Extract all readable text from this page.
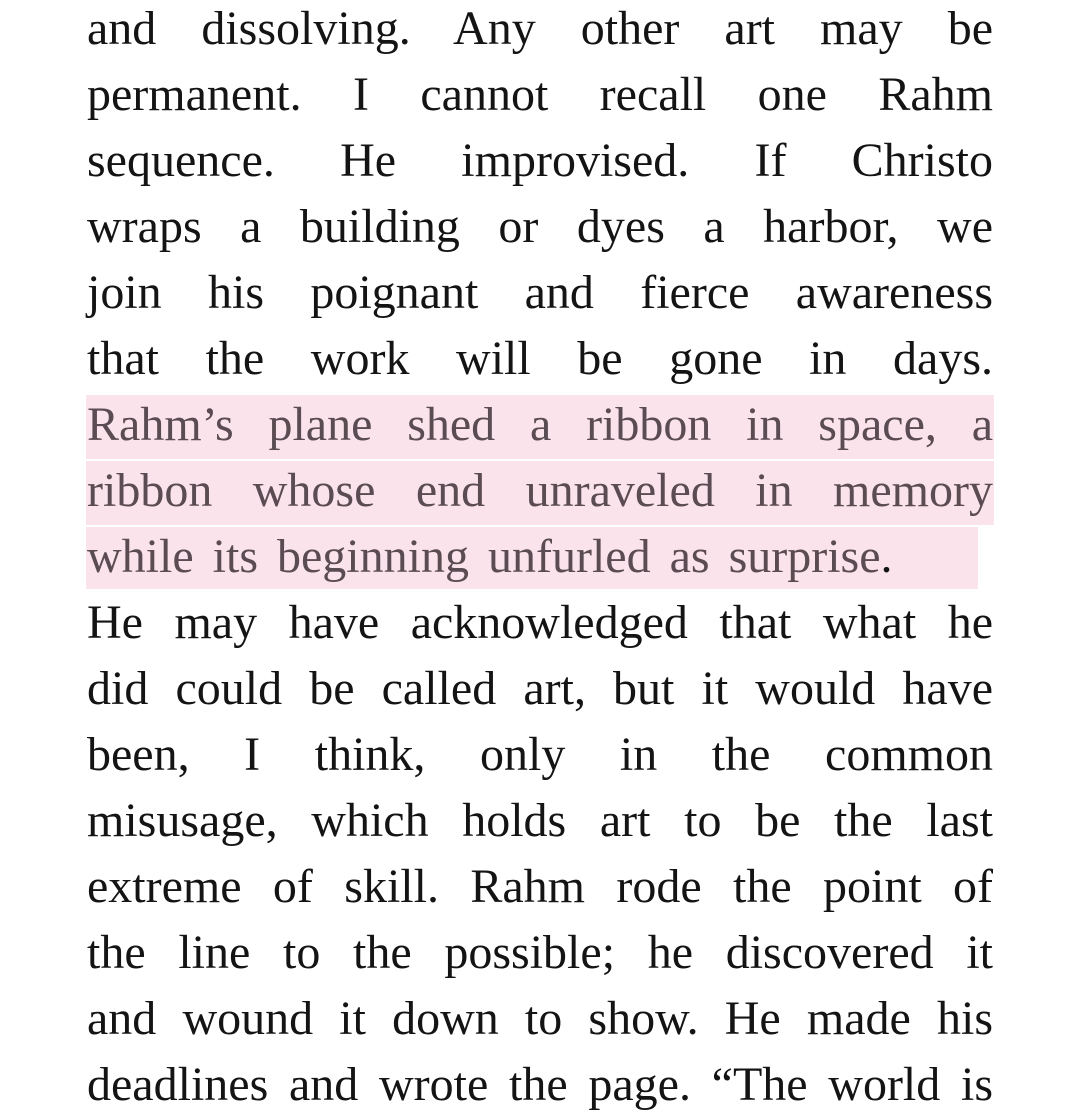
and dissolving. Any other art may be
permanent. I cannot recall one Rahm
sequence. He improvised. If Christo
wraps a building or dyes a harbor, we
join his poignant and fierce awareness
that the work will be gone in days.
Rahm’s plane shed a ribbon in space, a
ribbon whose end unraveled in memory
while its beginning unfurled as surprise.
He may have acknowledged that what he
did could be called art, but it would have
been, I think, only in the common
misusage, which holds art to be the last
extreme of skill. Rahm rode the point of
the line to the possible; he discovered it
and wound it down to show. He made his
deadlines and wrote the page. “The world is
